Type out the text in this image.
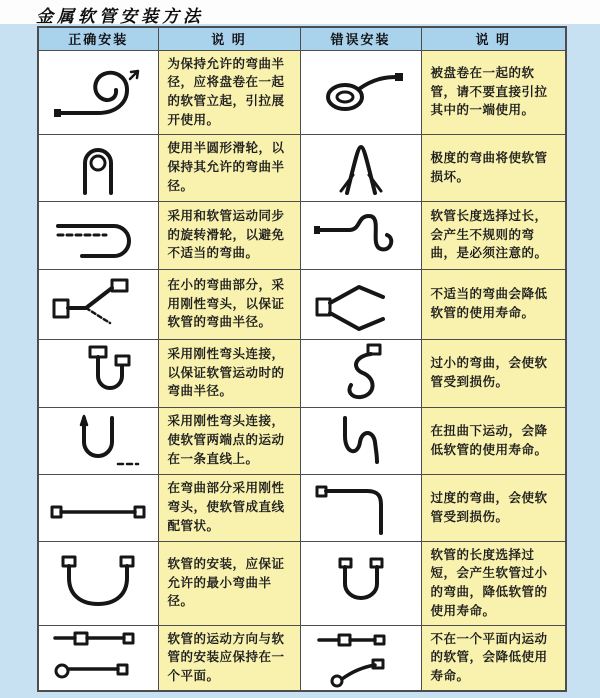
金属软管安装方法
正确安装	说 明	错误安装	说 明

	为保持允许的弯曲半径，应将盘卷在一起的软管立起，引拉展开使用。		被盘卷在一起的软管，请不要直接引拉其中的一端使用。

	使用半圆形滑轮，以保持其允许的弯曲半径。		极度的弯曲将使软管损坏。

	采用和软管运动同步的旋转滑轮，以避免不适当的弯曲。		软管长度选择过长，会产生不规则的弯曲，是必须注意的。

	在小的弯曲部分，采用刚性弯头，以保证软管的弯曲半径。		不适当的弯曲会降低软管的使用寿命。

	采用刚性弯头连接，以保证软管运动时的弯曲半径。		过小的弯曲，会使软管受到损伤。

	采用刚性弯头连接，使软管两端点的运动在一条直线上。		在扭曲下运动，会降低软管的使用寿命。

	在弯曲部分采用刚性弯头，使软管成直线配管状。		过度的弯曲，会使软管受到损伤。

	软管的安装，应保证允许的最小弯曲半径。		软管的长度选择过短，会产生软管过小的弯曲，降低软管的使用寿命。

	软管的运动方向与软管的安装应保持在一个平面。		不在一个平面内运动的软管，会降低使用寿命。
